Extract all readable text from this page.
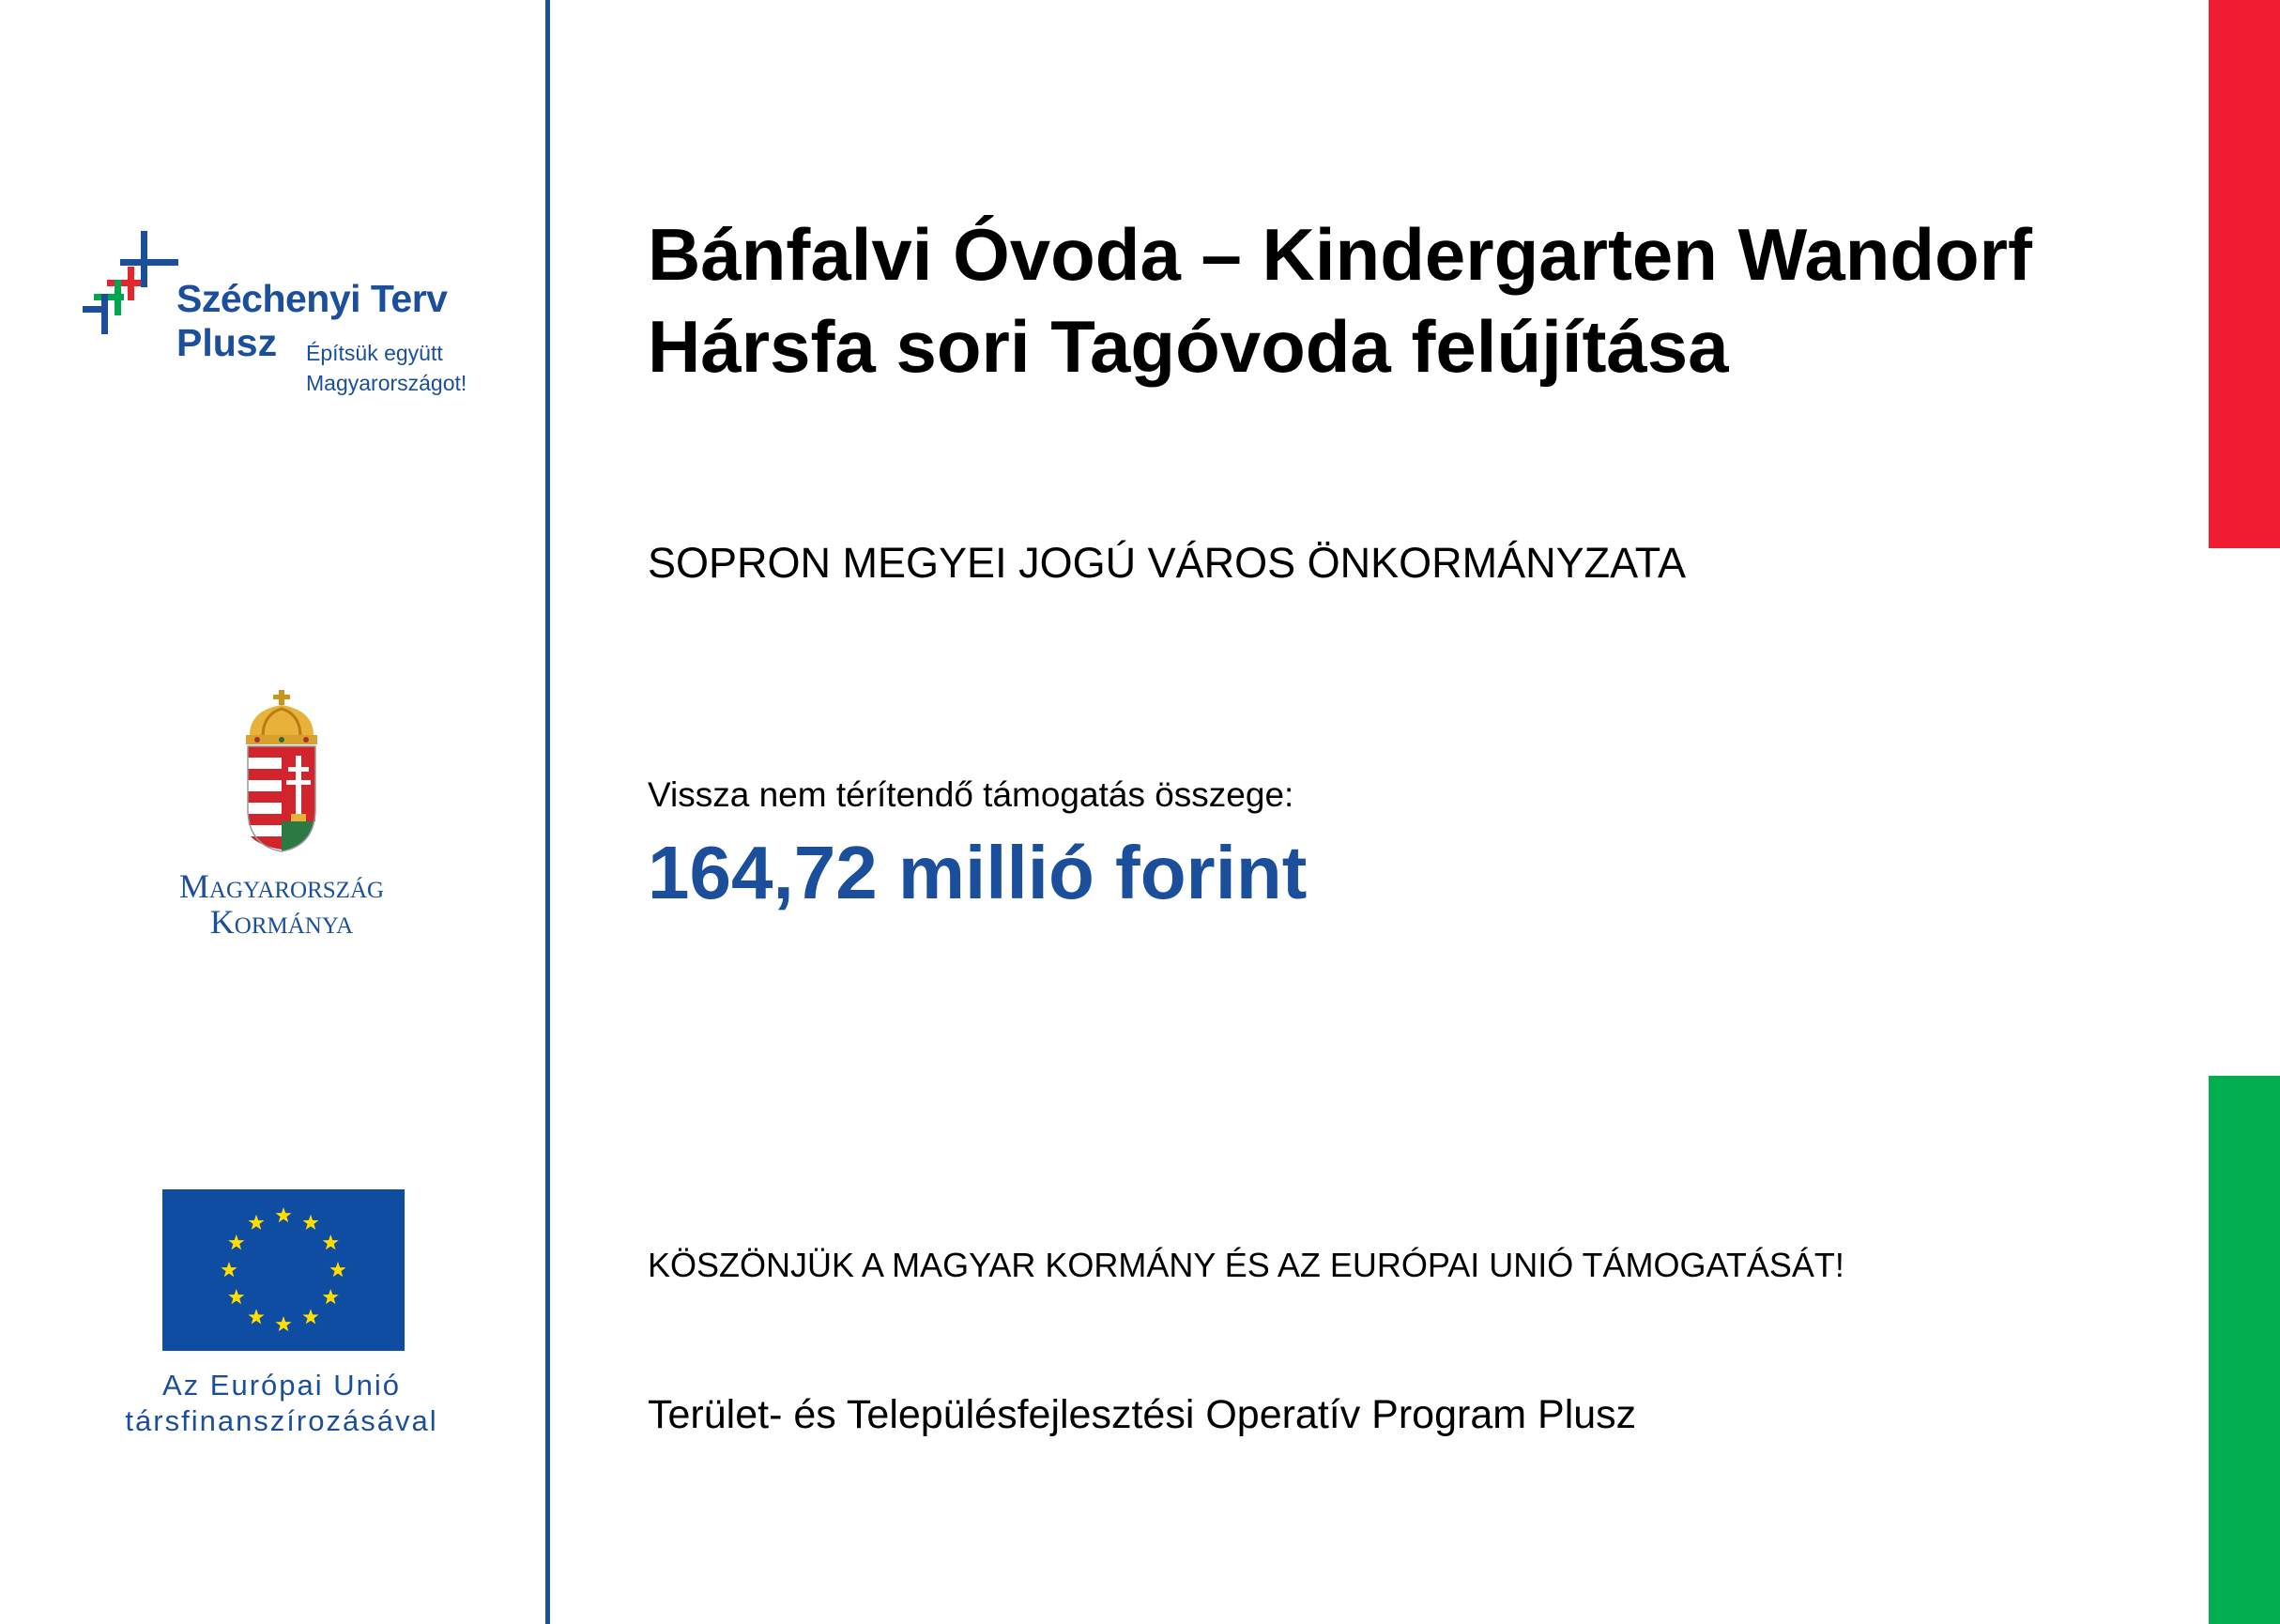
Széchenyi Terv
Plusz Építsük együtt
Magyarországot!
Magyarország
Kormánya
Az Európai Unió
társfinanszírozásával
Bánfalvi Óvoda – Kindergarten Wandorf
Hársfa sori Tagóvoda felújítása
SOPRON MEGYEI JOGÚ VÁROS ÖNKORMÁNYZATA
Vissza nem térítendő támogatás összege:
164,72 millió forint
KÖSZÖNJÜK A MAGYAR KORMÁNY ÉS AZ EURÓPAI UNIÓ TÁMOGATÁSÁT!
Terület- és Településfejlesztési Operatív Program Plusz
